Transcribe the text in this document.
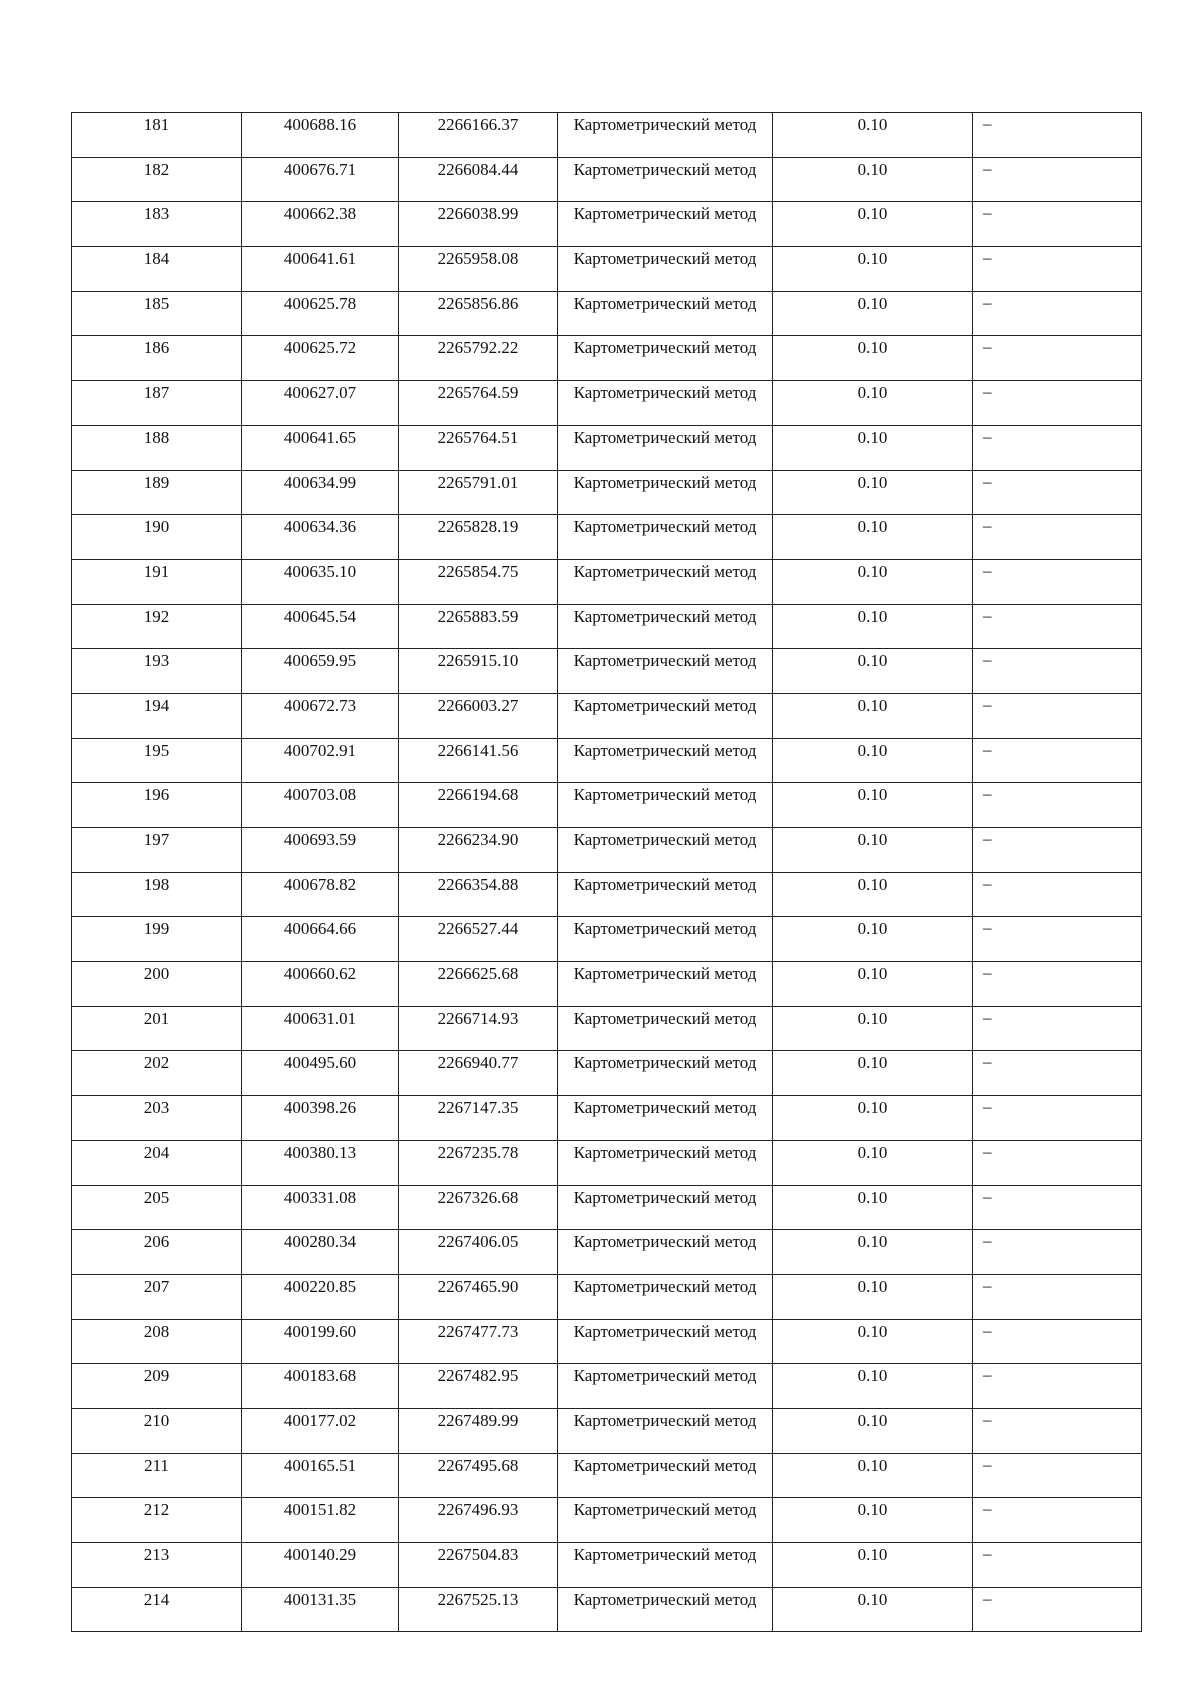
181	400688.16	2266166.37	Картометрический метод	0.10	–
182	400676.71	2266084.44	Картометрический метод	0.10	–
183	400662.38	2266038.99	Картометрический метод	0.10	–
184	400641.61	2265958.08	Картометрический метод	0.10	–
185	400625.78	2265856.86	Картометрический метод	0.10	–
186	400625.72	2265792.22	Картометрический метод	0.10	–
187	400627.07	2265764.59	Картометрический метод	0.10	–
188	400641.65	2265764.51	Картометрический метод	0.10	–
189	400634.99	2265791.01	Картометрический метод	0.10	–
190	400634.36	2265828.19	Картометрический метод	0.10	–
191	400635.10	2265854.75	Картометрический метод	0.10	–
192	400645.54	2265883.59	Картометрический метод	0.10	–
193	400659.95	2265915.10	Картометрический метод	0.10	–
194	400672.73	2266003.27	Картометрический метод	0.10	–
195	400702.91	2266141.56	Картометрический метод	0.10	–
196	400703.08	2266194.68	Картометрический метод	0.10	–
197	400693.59	2266234.90	Картометрический метод	0.10	–
198	400678.82	2266354.88	Картометрический метод	0.10	–
199	400664.66	2266527.44	Картометрический метод	0.10	–
200	400660.62	2266625.68	Картометрический метод	0.10	–
201	400631.01	2266714.93	Картометрический метод	0.10	–
202	400495.60	2266940.77	Картометрический метод	0.10	–
203	400398.26	2267147.35	Картометрический метод	0.10	–
204	400380.13	2267235.78	Картометрический метод	0.10	–
205	400331.08	2267326.68	Картометрический метод	0.10	–
206	400280.34	2267406.05	Картометрический метод	0.10	–
207	400220.85	2267465.90	Картометрический метод	0.10	–
208	400199.60	2267477.73	Картометрический метод	0.10	–
209	400183.68	2267482.95	Картометрический метод	0.10	–
210	400177.02	2267489.99	Картометрический метод	0.10	–
211	400165.51	2267495.68	Картометрический метод	0.10	–
212	400151.82	2267496.93	Картометрический метод	0.10	–
213	400140.29	2267504.83	Картометрический метод	0.10	–
214	400131.35	2267525.13	Картометрический метод	0.10	–
